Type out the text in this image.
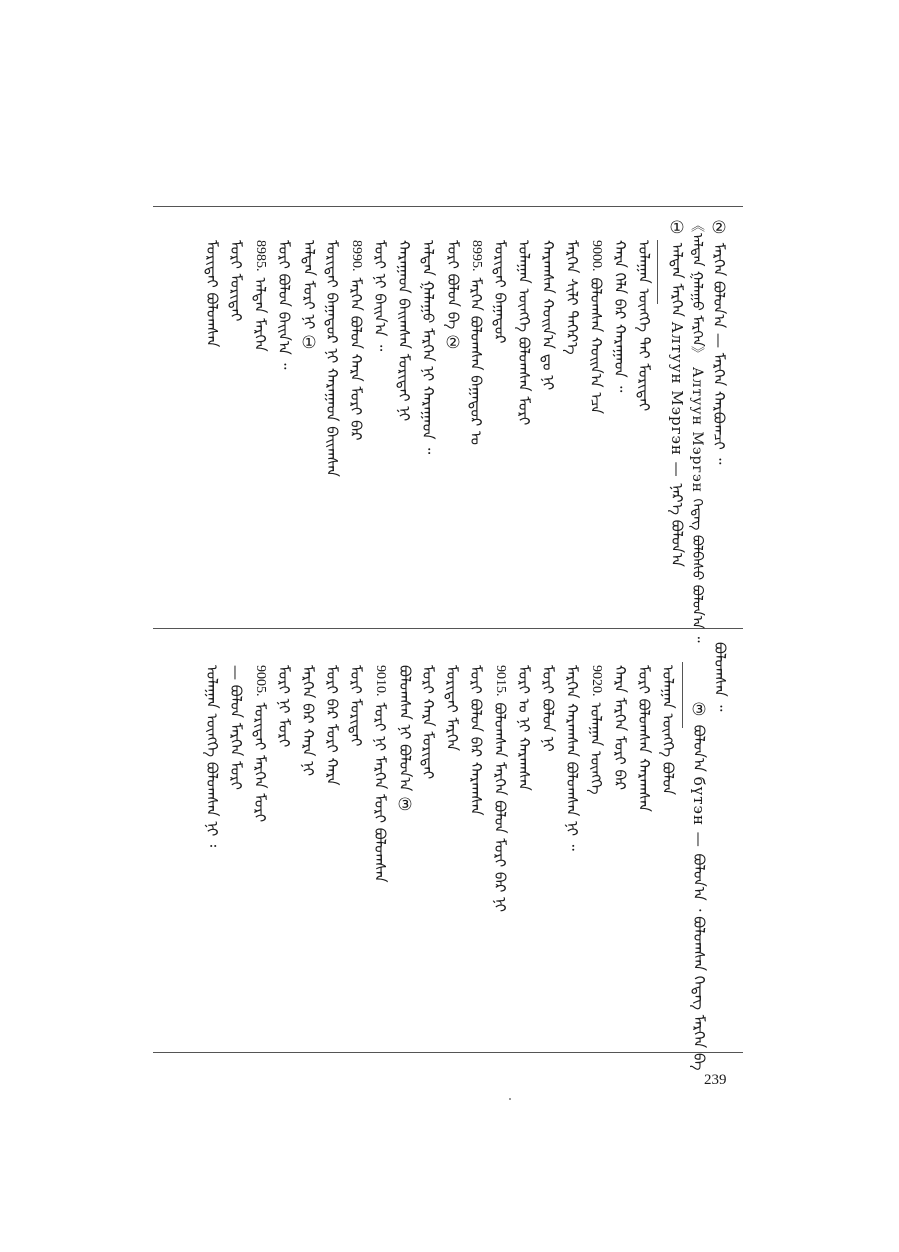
② ᠮᠡᠷᠭᠡᠨ ᠪᠣᠯᠤᠨ᠎ᠠ — ᠮᠡᠷᠭᠡᠨ ᠬᠠᠷᠪᠤᠭᠴᠢ ᠃
《ᠠᠯᠲᠠᠨ ᠭᠠᠯᠠᠭᠤ ᠮᠡᠷᠭᠡᠨ》 Алтуун Мэргэн ᠭᠡᠳᠡᠭ ᠪᠣᠯᠪᠠᠰᠤ ᠪᠣᠯᠤᠨ᠎ᠠ ᠃
① ᠠᠯᠲᠠᠨ ᠮᠡᠷᠭᠡᠨ Алтуун Мэргэн — ᠨᠡᠷ᠎ᠡ ᠪᠣᠯᠤᠨ᠎ᠠ
ᠤᠯᠠᠭᠠᠨ ᠦᠩᠭᠡ ᠲᠡᠢ ᠮᠣᠷᠢᠲᠠᠢ
ᠬᠠᠷᠠ ᠬᠡᠯᠡ ᠪᠠᠷ ᠬᠠᠷᠠᠭᠠᠳ ᠃
9000.ᠪᠣᠯᠤᠭᠰᠠᠨ ᠬᠣᠢᠨ᠎ᠠ ᠡᠴᠡ
ᠮᠡᠷᠭᠡᠨ ᠰᠢᠯᠢ ᠳᠡᠭᠡᠷ᠎ᠡ
ᠬᠠᠷᠠᠭᠰᠠᠨ ᠬᠣᠢᠨ᠎ᠠ ᠳᠤ ᠨᠢ
ᠤᠯᠠᠭᠠᠨ ᠦᠩᠭᠡ ᠪᠣᠯᠤᠭᠰᠠᠨ ᠮᠣᠷᠢ
ᠮᠣᠷᠢᠲᠠᠢ ᠪᠠᠭᠠᠲᠤᠷ
8995.ᠮᠡᠷᠭᠡᠨ ᠪᠣᠯᠤᠭᠰᠠᠨ ᠪᠠᠭᠠᠲᠤᠷ ᠤ
ᠮᠣᠷᠢ ᠪᠣᠯᠤᠨ ᠪᠠ②
ᠠᠯᠲᠠᠨ ᠭᠠᠯᠠᠭᠤ ᠮᠡᠷᠭᠡᠨ ᠨᠢ ᠬᠠᠷᠠᠭᠠᠳ ᠃
ᠬᠠᠷᠠᠭᠠᠳ ᠪᠠᠢᠭᠰᠠᠨ ᠮᠣᠷᠢᠲᠠᠢ ᠨᠢ
ᠮᠣᠷᠢ ᠨᠢ ᠪᠠᠢᠨ᠎ᠠ ᠃
8990.ᠮᠡᠷᠭᠡᠨ ᠪᠣᠯᠤᠨ ᠬᠠᠷᠠ ᠮᠣᠷᠢ ᠪᠠᠷ
ᠮᠣᠷᠢᠲᠠᠢ ᠪᠠᠭᠠᠲᠤᠷ ᠨᠢ ᠬᠠᠷᠠᠭᠠᠳ ᠪᠠᠢᠭᠰᠠᠨ
ᠠᠯᠲᠠᠨ ᠮᠣᠷᠢ ᠨᠢ①
ᠮᠣᠷᠢ ᠪᠣᠯᠤᠨ ᠪᠠᠢᠨ᠎ᠠ ᠃
8985.ᠠᠯᠲᠠᠨ ᠮᠡᠷᠭᠡᠨ
ᠮᠣᠷᠢ ᠮᠣᠷᠢᠲᠠᠢ
ᠮᠣᠷᠢᠲᠠᠢ ᠪᠣᠯᠤᠭᠰᠠᠨ
ᠪᠣᠯᠤᠭᠰᠠᠨ ᠃
③ ᠪᠣᠯᠤᠨ᠎ᠠ бүтэн — ᠪᠣᠯᠤᠨ᠎ᠠ ᠂ ᠪᠣᠯᠤᠭᠰᠠᠨ ᠭᠡᠳᠡᠭ ᠮᠡᠷᠭᠡᠨ ᠪᠠ
ᠤᠯᠠᠭᠠᠨ ᠦᠩᠭᠡ ᠪᠣᠯᠤᠨ
ᠮᠣᠷᠢ ᠪᠣᠯᠤᠭᠰᠠᠨ ᠬᠠᠷᠠᠭᠰᠠᠨ
ᠬᠠᠷᠠ ᠮᠡᠷᠭᠡᠨ ᠮᠣᠷᠢ ᠪᠠᠷ
9020.ᠤᠯᠠᠭᠠᠨ ᠦᠩᠭᠡ
ᠮᠡᠷᠭᠡᠨ ᠬᠠᠷᠠᠭᠰᠠᠨ ᠪᠣᠯᠤᠭᠰᠠᠨ ᠨᠢ ᠃
ᠮᠣᠷᠢ ᠪᠣᠯᠤᠨ ᠨᠢ
ᠮᠣᠷᠢ ᠤ ᠨᠢ ᠬᠠᠷᠠᠭᠰᠠᠨ
9015.ᠪᠣᠯᠤᠭᠰᠠᠨ ᠮᠡᠷᠭᠡᠨ ᠪᠣᠯᠤᠨ ᠮᠣᠷᠢ ᠪᠠᠷ ᠨᠢ
ᠮᠣᠷᠢ ᠪᠣᠯᠤᠨ ᠪᠠᠷ ᠬᠠᠷᠠᠭᠰᠠᠨ
ᠮᠣᠷᠢᠲᠠᠢ ᠮᠡᠷᠭᠡᠨ
ᠮᠣᠷᠢ ᠬᠠᠷᠠ ᠮᠣᠷᠢᠲᠠᠢ
ᠪᠣᠯᠤᠭᠰᠠᠨ ᠨᠢ ᠪᠣᠯᠤᠨ᠎ᠠ③
9010.ᠮᠣᠷᠢ ᠨᠢ ᠮᠡᠷᠭᠡᠨ ᠮᠣᠷᠢ ᠪᠣᠯᠤᠭᠰᠠᠨ
ᠮᠣᠷᠢ ᠮᠣᠷᠢᠲᠠᠢ
ᠮᠣᠷᠢ ᠪᠠᠷ ᠮᠣᠷᠢ ᠬᠠᠷᠠ
ᠮᠡᠷᠭᠡᠨ ᠪᠠᠷ ᠬᠠᠷᠠ ᠨᠢ
ᠮᠣᠷᠢ ᠨᠢ ᠮᠣᠷᠢ
9005.ᠮᠣᠷᠢᠲᠠᠢ ᠮᠡᠷᠭᠡᠨ ᠮᠣᠷᠢ
— ᠪᠣᠯᠤᠨ ᠮᠡᠷᠭᠡᠨ ᠮᠣᠷᠢ
ᠤᠯᠠᠭᠠᠨ ᠦᠩᠭᠡ ᠪᠣᠯᠤᠭᠰᠠᠨ ᠨᠢ ᠄
239
